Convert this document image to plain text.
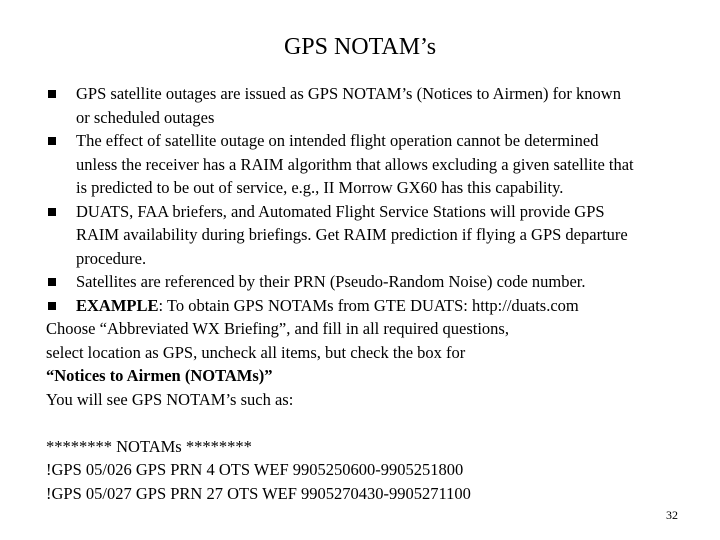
GPS NOTAM’s
GPS satellite outages are issued as GPS NOTAM’s (Notices to Airmen) for known
or scheduled outages
The effect of satellite outage on intended flight operation cannot be determined
unless the receiver has a RAIM algorithm that allows excluding a given satellite that
is predicted to be out of service, e.g., II Morrow GX60 has this capability.
DUATS, FAA briefers, and Automated Flight Service Stations will provide GPS
RAIM availability during briefings. Get RAIM prediction if flying a GPS departure
procedure.
Satellites are referenced by their PRN (Pseudo-Random Noise) code number.
EXAMPLE: To obtain GPS NOTAMs from GTE DUATS: http://duats.com
Choose “Abbreviated WX Briefing”, and fill in all required questions,
select location as GPS, uncheck all items, but check the box for
“Notices to Airmen (NOTAMs)”
You will see GPS NOTAM’s such as:
******** NOTAMs ********
!GPS 05/026 GPS PRN 4 OTS WEF 9905250600-9905251800
!GPS 05/027 GPS PRN 27 OTS WEF 9905270430-9905271100
32
